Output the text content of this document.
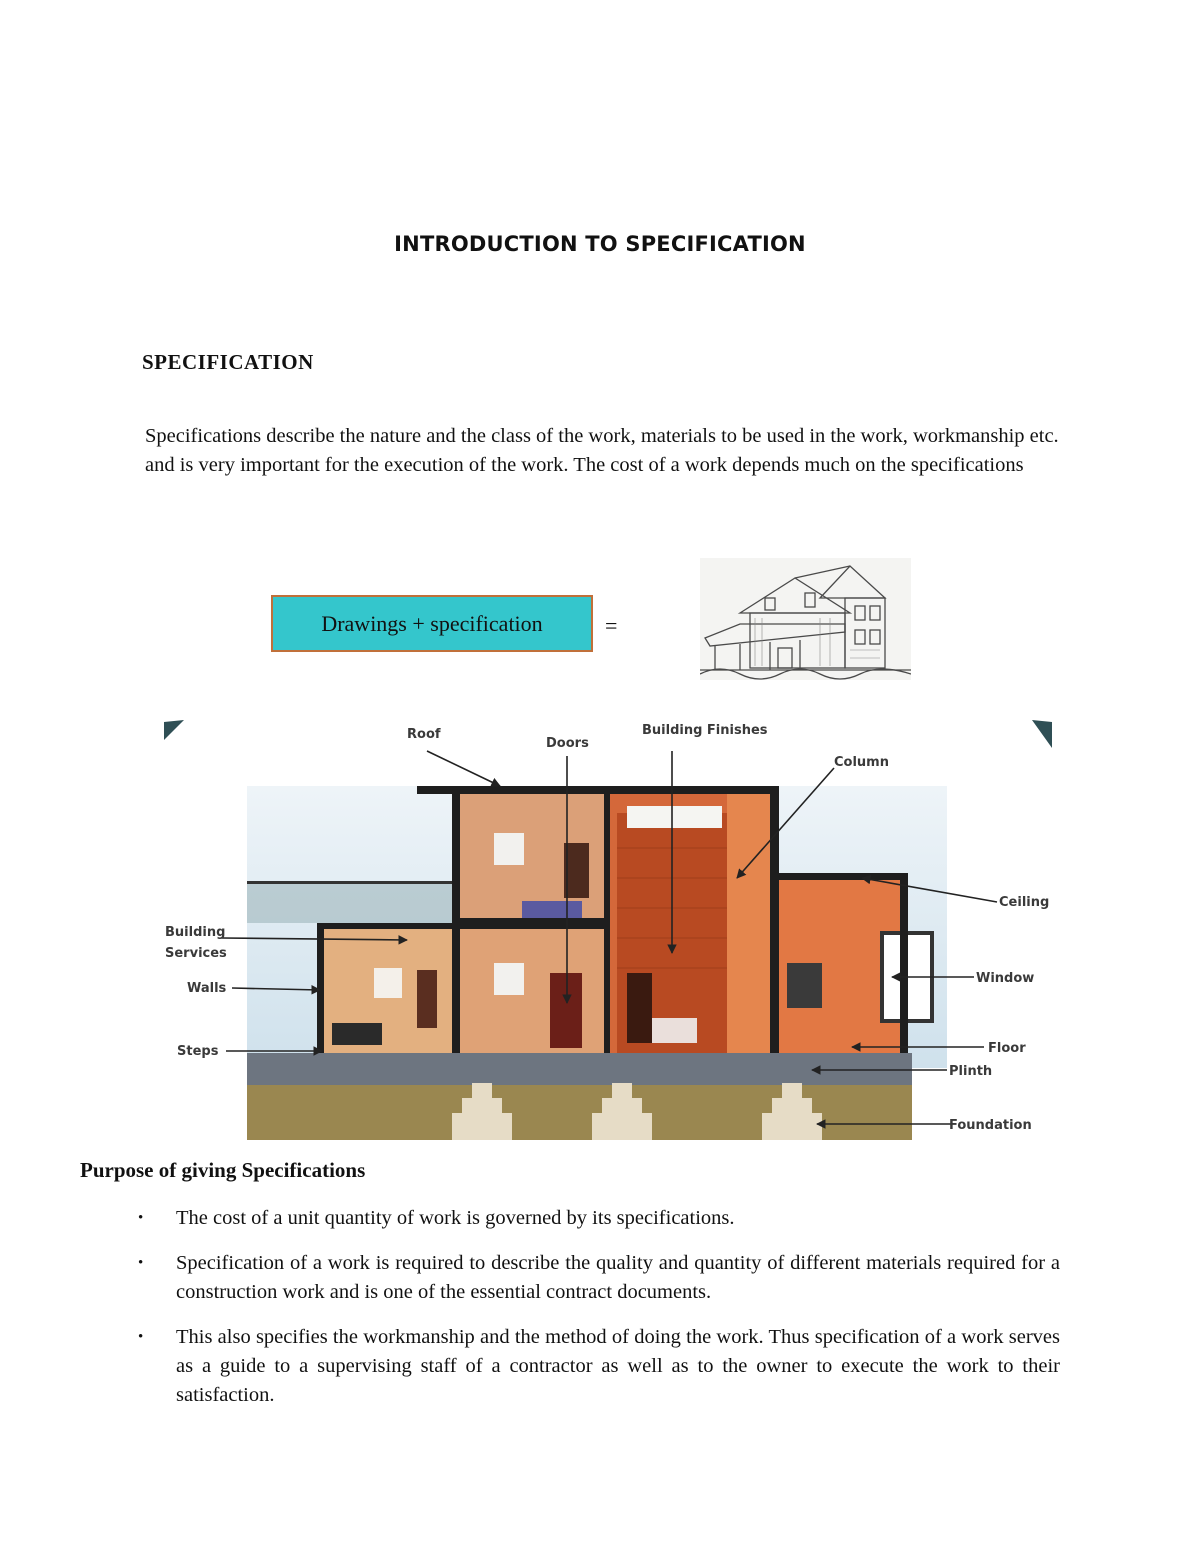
INTRODUCTION TO SPECIFICATION
SPECIFICATION
Specifications describe the nature and the class of the work, materials to be used in the work, workmanship etc. and is very important for the execution of the work. The cost of a work depends much on the specifications
Drawings + specification	=
Roof
Doors
Building Finishes
Column
Ceiling
Building
Services
Walls
Window
Steps	Floor
Plinth
Foundation
Purpose of giving Specifications
• The cost of a unit quantity of work is governed by its specifications.
• Specification of a work is required to describe the quality and quantity of different materials required for a construction work and is one of the essential contract documents.
• This also specifies the workmanship and the method of doing the work. Thus specification of a work serves as a guide to a supervising staff of a contractor as well as to the owner to execute the work to their satisfaction.
